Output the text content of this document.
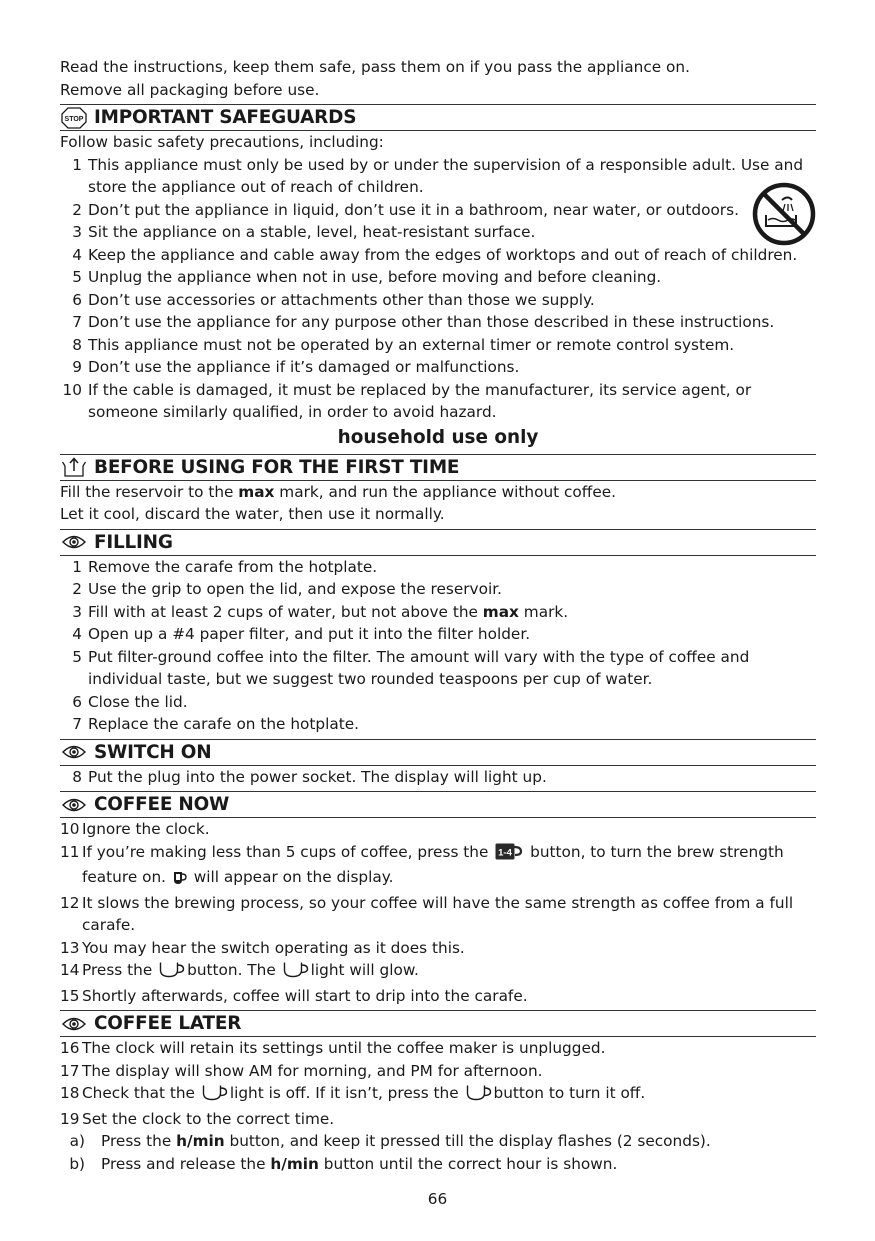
Read the instructions, keep them safe, pass them on if you pass the appliance on.

Remove all packaging before use.

STOP IMPORTANT SAFEGUARDS

Follow basic safety precautions, including:

1 This appliance must only be used by or under the supervision of a responsible adult. Use and store the appliance out of reach of children.
2 Don’t put the appliance in liquid, don’t use it in a bathroom, near water, or outdoors.
3 Sit the appliance on a stable, level, heat-resistant surface.
4 Keep the appliance and cable away from the edges of worktops and out of reach of children.
5 Unplug the appliance when not in use, before moving and before cleaning.
6 Don’t use accessories or attachments other than those we supply.
7 Don’t use the appliance for any purpose other than those described in these instructions.
8 This appliance must not be operated by an external timer or remote control system.
9 Don’t use the appliance if it’s damaged or malfunctions.
10 If the cable is damaged, it must be replaced by the manufacturer, its service agent, or someone similarly qualified, in order to avoid hazard.
household use only
BEFORE USING FOR THE FIRST TIME

Fill the reservoir to the max mark, and run the appliance without coffee.

Let it cool, discard the water, then use it normally.

FILLING
1 Remove the carafe from the hotplate.
2 Use the grip to open the lid, and expose the reservoir.
3 Fill with at least 2 cups of water, but not above the max mark.
4 Open up a #4 paper filter, and put it into the filter holder.
5 Put filter-ground coffee into the filter. The amount will vary with the type of coffee and individual taste, but we suggest two rounded teaspoons per cup of water.
6 Close the lid.
7 Replace the carafe on the hotplate.
SWITCH ON
8 Put the plug into the power socket. The display will light up.
COFFEE NOW
10 Ignore the clock.
11 If you’re making less than 5 cups of coffee, press the 1-4 button, to turn the brew strength feature on.  will appear on the display.
12 It slows the brewing process, so your coffee will have the same strength as coffee from a full carafe.
13 You may hear the switch operating as it does this.
14 Press the button. The light will glow.
15 Shortly afterwards, coffee will start to drip into the carafe.
COFFEE LATER
16 The clock will retain its settings until the coffee maker is unplugged.
17 The display will show AM for morning, and PM for afternoon.
18 Check that the light is off. If it isn’t, press the button to turn it off.
19 Set the clock to the correct time.
a)	Press the h/min button, and keep it pressed till the display flashes (2 seconds).
b)	Press and release the h/min button until the correct hour is shown.
66
